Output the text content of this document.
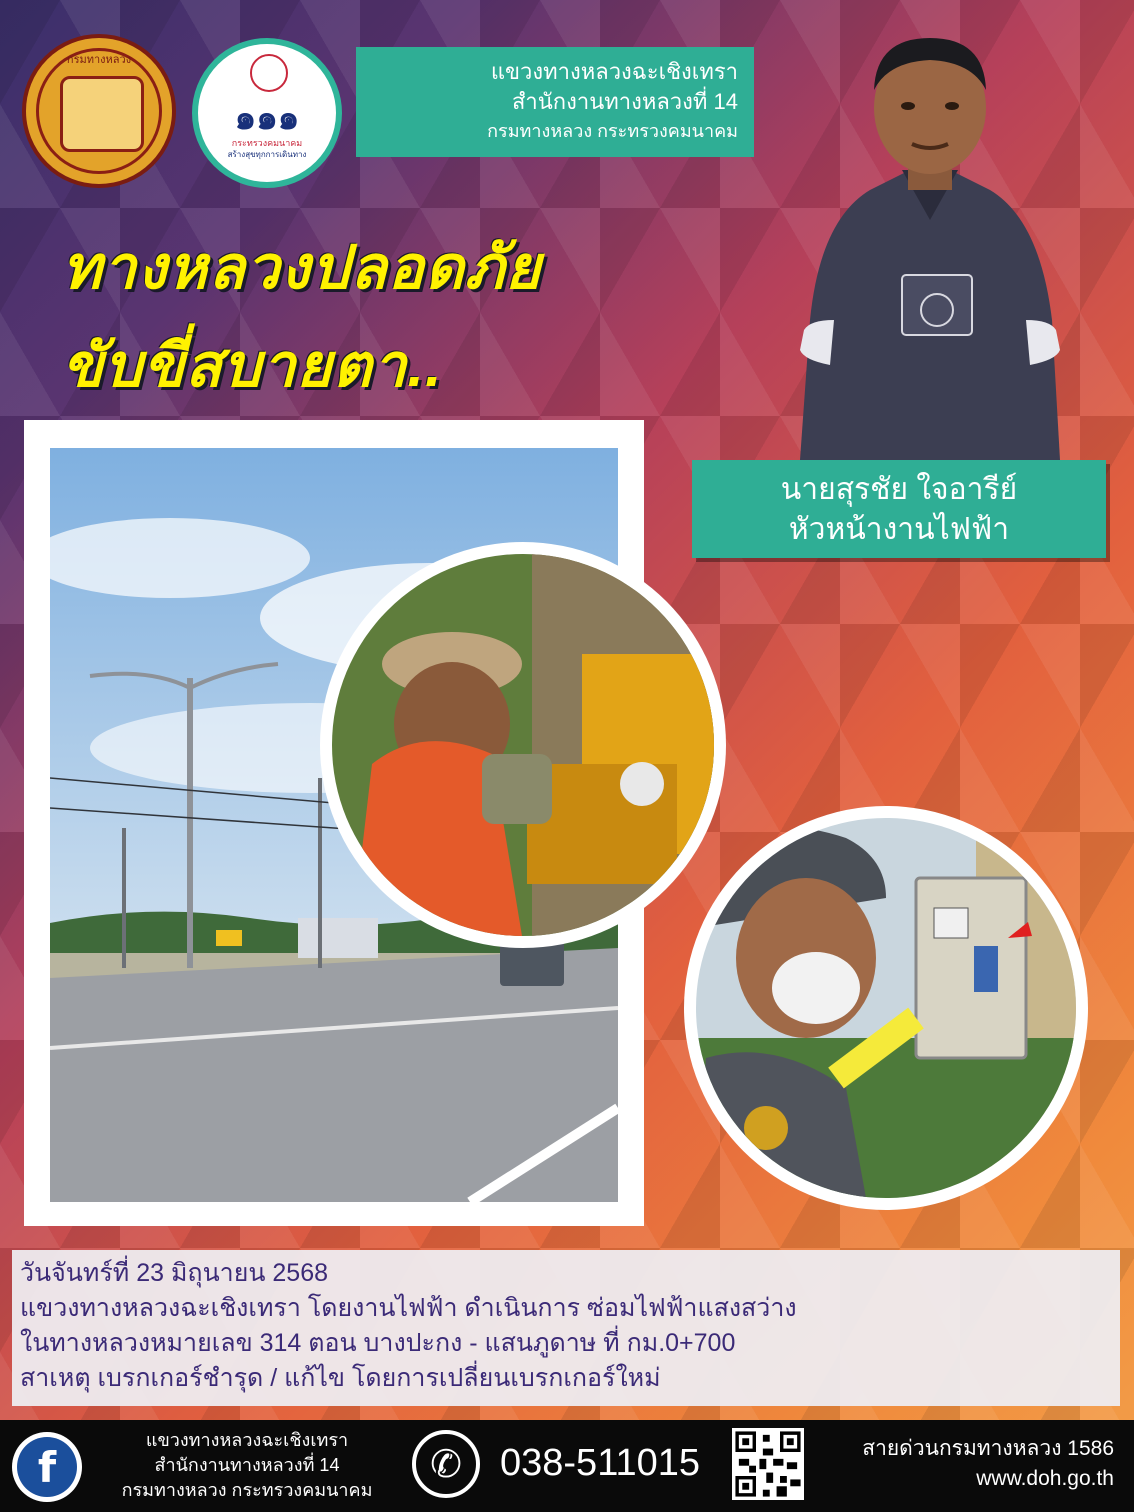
กรมทางหลวง
๑๑๑
กระทรวงคมนาคม
สร้างสุขทุกการเดินทาง
แขวงทางหลวงฉะเชิงเทรา
สำนักงานทางหลวงที่ 14
กรมทางหลวง กระทรวงคมนาคม
ทางหลวงปลอดภัย
ขับขี่สบายตา..
นายสุรชัย ใจอารีย์
หัวหน้างานไฟฟ้า
วันจันทร์ที่ 23 มิถุนายน 2568
แขวงทางหลวงฉะเชิงเทรา โดยงานไฟฟ้า ดำเนินการ ซ่อมไฟฟ้าแสงสว่าง
ในทางหลวงหมายเลข 314 ตอน บางปะกง - แสนภูดาษ ที่ กม.0+700
สาเหตุ เบรกเกอร์ชำรุด / แก้ไข โดยการเปลี่ยนเบรกเกอร์ใหม่
f
แขวงทางหลวงฉะเชิงเทรา
สำนักงานทางหลวงที่ 14
กรมทางหลวง กระทรวงคมนาคม
✆	038-511015	สายด่วนกรมทางหลวง 1586
www.doh.go.th
